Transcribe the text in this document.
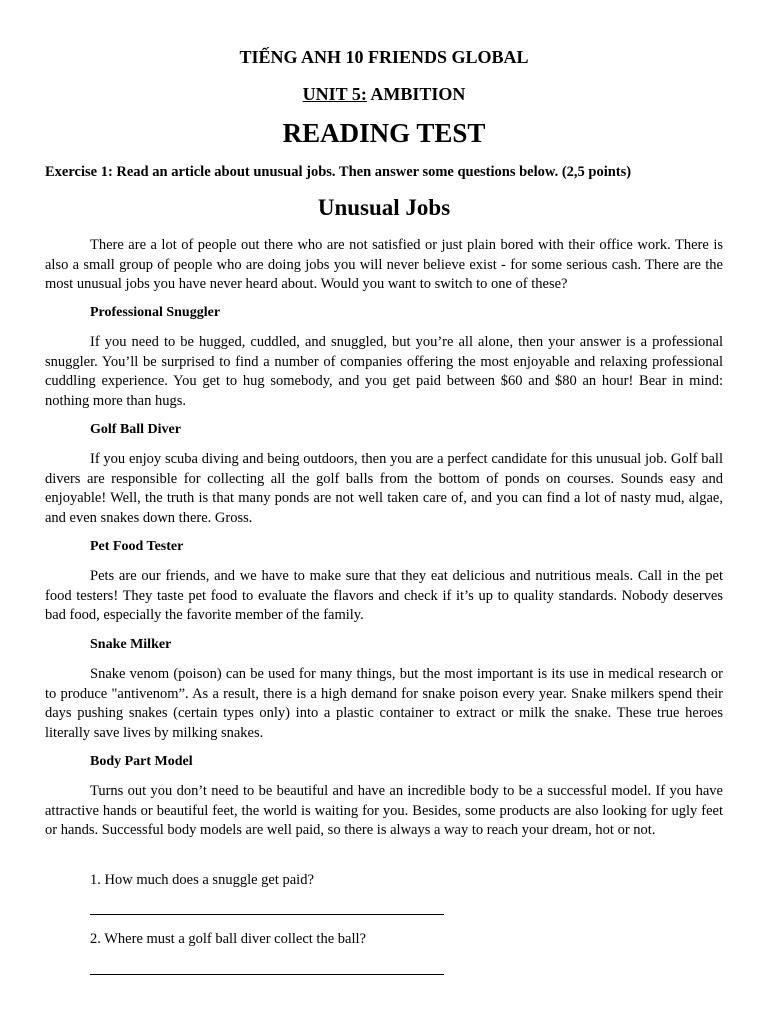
TIẾNG ANH 10 FRIENDS GLOBAL
UNIT 5: AMBITION
READING TEST
Exercise 1: Read an article about unusual jobs. Then answer some questions below. (2,5 points)
Unusual Jobs

There are a lot of people out there who are not satisfied or just plain bored with their office work. There is also a small group of people who are doing jobs you will never believe exist - for some serious cash. There are the most unusual jobs you have never heard about. Would you want to switch to one of these?

Professional Snuggler

If you need to be hugged, cuddled, and snuggled, but you’re all alone, then your answer is a professional snuggler. You’ll be surprised to find a number of companies offering the most enjoyable and relaxing professional cuddling experience. You get to hug somebody, and you get paid between $60 and $80 an hour! Bear in mind: nothing more than hugs.

Golf Ball Diver

If you enjoy scuba diving and being outdoors, then you are a perfect candidate for this unusual job. Golf ball divers are responsible for collecting all the golf balls from the bottom of ponds on courses. Sounds easy and enjoyable! Well, the truth is that many ponds are not well taken care of, and you can find a lot of nasty mud, algae, and even snakes down there. Gross.

Pet Food Tester

Pets are our friends, and we have to make sure that they eat delicious and nutritious meals. Call in the pet food testers! They taste pet food to evaluate the flavors and check if it’s up to quality standards. Nobody deserves bad food, especially the favorite member of the family.

Snake Milker

Snake venom (poison) can be used for many things, but the most important is its use in medical research or to produce "antivenom”. As a result, there is a high demand for snake poison every year. Snake milkers spend their days pushing snakes (certain types only) into a plastic container to extract or milk the snake. These true heroes literally save lives by milking snakes.

Body Part Model

Turns out you don’t need to be beautiful and have an incredible body to be a successful model. If you have attractive hands or beautiful feet, the world is waiting for you. Besides, some products are also looking for ugly feet or hands. Successful body models are well paid, so there is always a way to reach your dream, hot or not.

1. How much does a snuggle get paid?
2. Where must a golf ball diver collect the ball?
